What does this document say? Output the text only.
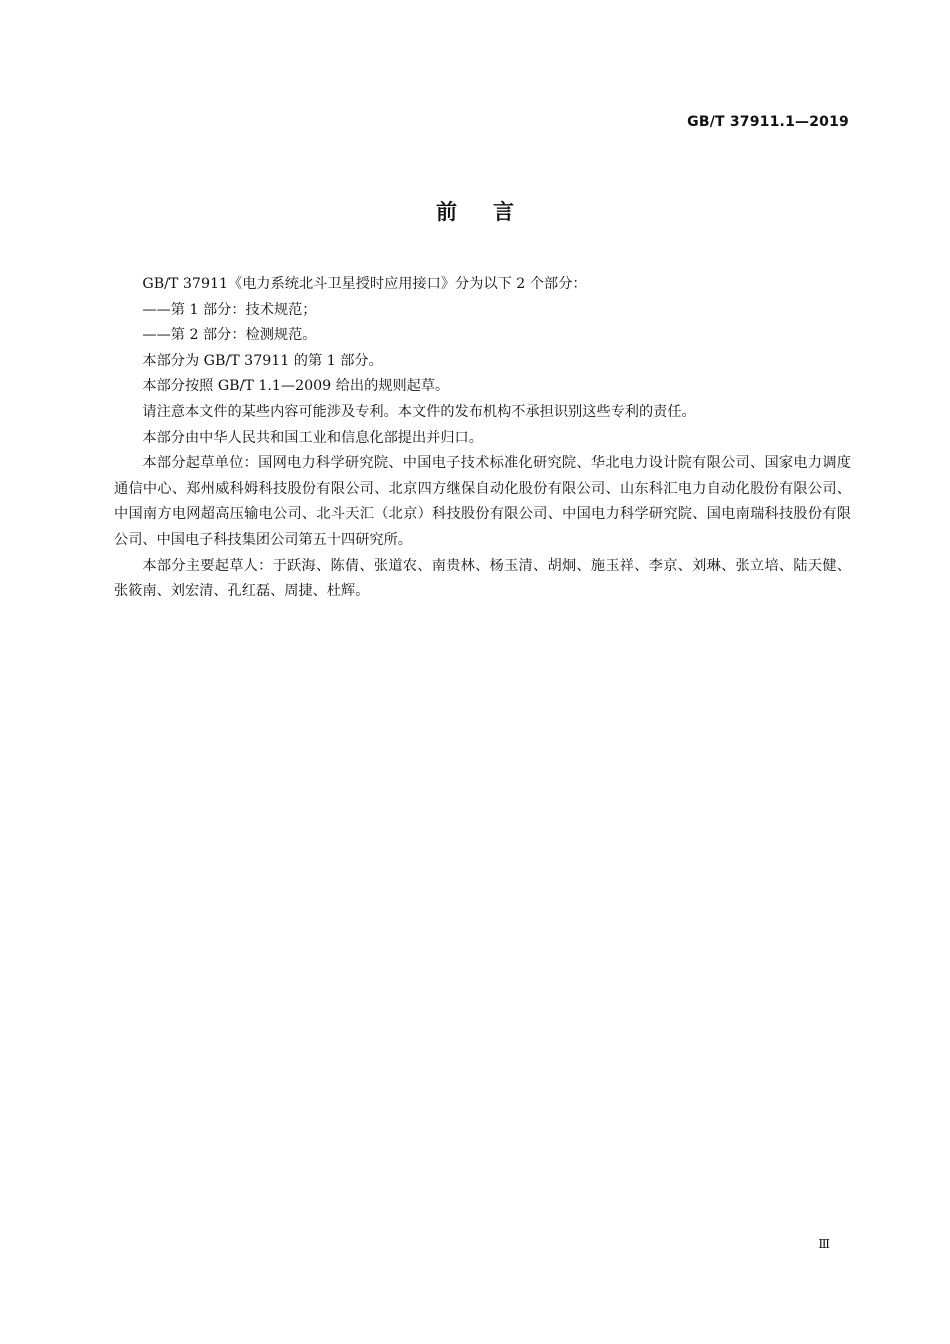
GB/T 37911.1—2019
前言

GB/T 37911《电力系统北斗卫星授时应用接口》分为以下 2 个部分：

——第 1 部分：技术规范；

——第 2 部分：检测规范。

本部分为 GB/T 37911 的第 1 部分。

本部分按照 GB/T 1.1—2009 给出的规则起草。

请注意本文件的某些内容可能涉及专利。本文件的发布机构不承担识别这些专利的责任。

本部分由中华人民共和国工业和信息化部提出并归口。

本部分起草单位：国网电力科学研究院、中国电子技术标准化研究院、华北电力设计院有限公司、国家电力调度通信中心、郑州威科姆科技股份有限公司、北京四方继保自动化股份有限公司、山东科汇电力自动化股份有限公司、中国南方电网超高压输电公司、北斗天汇（北京）科技股份有限公司、中国电力科学研究院、国电南瑞科技股份有限公司、中国电子科技集团公司第五十四研究所。

本部分主要起草人：于跃海、陈倩、张道农、南贵林、杨玉清、胡炯、施玉祥、李京、刘琳、张立培、陆天健、张筱南、刘宏清、孔红磊、周捷、杜辉。

Ⅲ
